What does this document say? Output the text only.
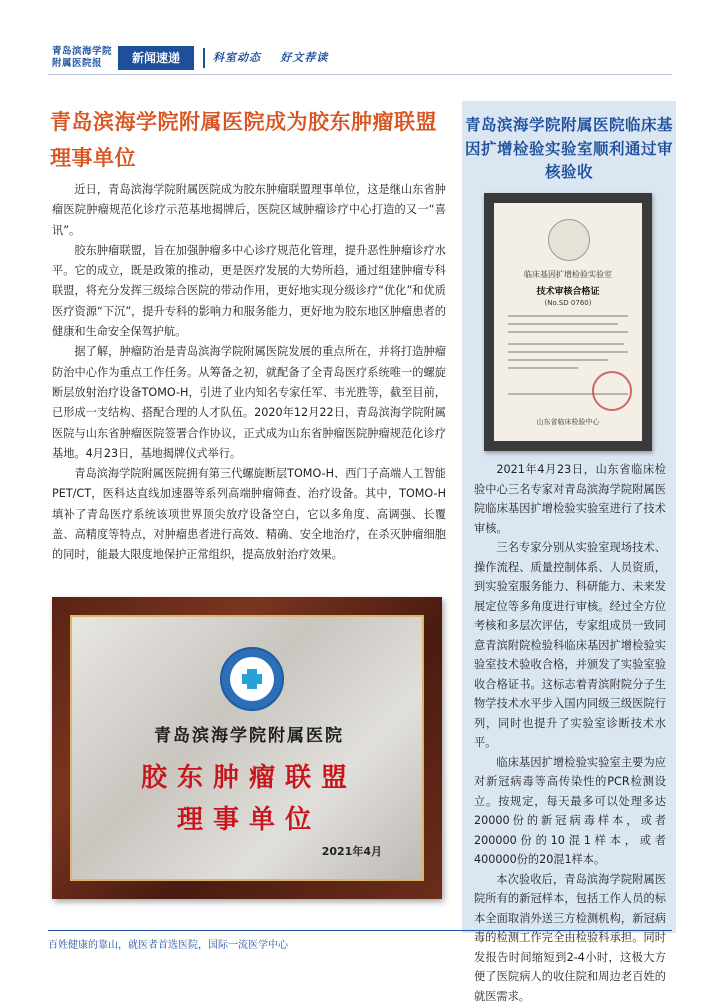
青岛滨海学院
附属医院报	新闻速递	科室动态    好文荐读
青岛滨海学院附属医院成为胶东肿瘤联盟理事单位

近日，青岛滨海学院附属医院成为胶东肿瘤联盟理事单位，这是继山东省肿瘤医院肿瘤规范化诊疗示范基地揭牌后，医院区域肿瘤诊疗中心打造的又一“喜讯”。

胶东肿瘤联盟，旨在加强肿瘤多中心诊疗规范化管理，提升恶性肿瘤诊疗水平。它的成立，既是政策的推动，更是医疗发展的大势所趋，通过组建肿瘤专科联盟，将充分发挥三级综合医院的带动作用，更好地实现分级诊疗“优化”和优质医疗资源“下沉”，提升专科的影响力和服务能力，更好地为胶东地区肿瘤患者的健康和生命安全保驾护航。

据了解，肿瘤防治是青岛滨海学院附属医院发展的重点所在，并将打造肿瘤防治中心作为重点工作任务。从筹备之初，就配备了全青岛医疗系统唯一的螺旋断层放射治疗设备TOMO-H，引进了业内知名专家任军、韦光胜等，截至目前，已形成一支结构、搭配合理的人才队伍。2020年12月22日，青岛滨海学院附属医院与山东省肿瘤医院签署合作协议，正式成为山东省肿瘤医院肿瘤规范化诊疗基地。4月23日，基地揭牌仪式举行。

青岛滨海学院附属医院拥有第三代螺旋断层TOMO-H、西门子高端人工智能PET/CT，医科达直线加速器等系列高端肿瘤筛查、治疗设备。其中，TOMO-H填补了青岛医疗系统该项世界顶尖放疗设备空白，它以多角度、高调强、长覆盖、高精度等特点，对肿瘤患者进行高效、精确、安全地治疗，在杀灭肿瘤细胞的同时，能最大限度地保护正常组织，提高放射治疗效果。

青岛滨海学院附属医院
胶东肿瘤联盟
理事单位
2021年4月
青岛滨海学院附属医院临床基因扩增检验实验室顺利通过审核验收
临床基因扩增检验实验室
技术审核合格证
(No.SD 0760)
山东省临床检验中心

2021年4月23日，山东省临床检验中心三名专家对青岛滨海学院附属医院临床基因扩增检验实验室进行了技术审核。

三名专家分别从实验室现场技术、操作流程、质量控制体系、人员资质，到实验室服务能力、科研能力、未来发展定位等多角度进行审核。经过全方位考核和多层次评估，专家组成员一致同意青滨附院检验科临床基因扩增检验实验室技术验收合格，并颁发了实验室验收合格证书。这标志着青滨附院分子生物学技术水平步入国内同级三级医院行列，同时也提升了实验室诊断技术水平。

临床基因扩增检验实验室主要为应对新冠病毒等高传染性的PCR检测设立。按规定，每天最多可以处理多达20000份的新冠病毒样本，或者200000份的10混1样本，或者400000份的20混1样本。

本次验收后，青岛滨海学院附属医院所有的新冠样本，包括工作人员的标本全面取消外送三方检测机构，新冠病毒的检测工作完全由检验科承担。同时发报告时间缩短到2-4小时，这极大方便了医院病人的收住院和周边老百姓的就医需求。

百姓健康的靠山，就医者首选医院，国际一流医学中心
